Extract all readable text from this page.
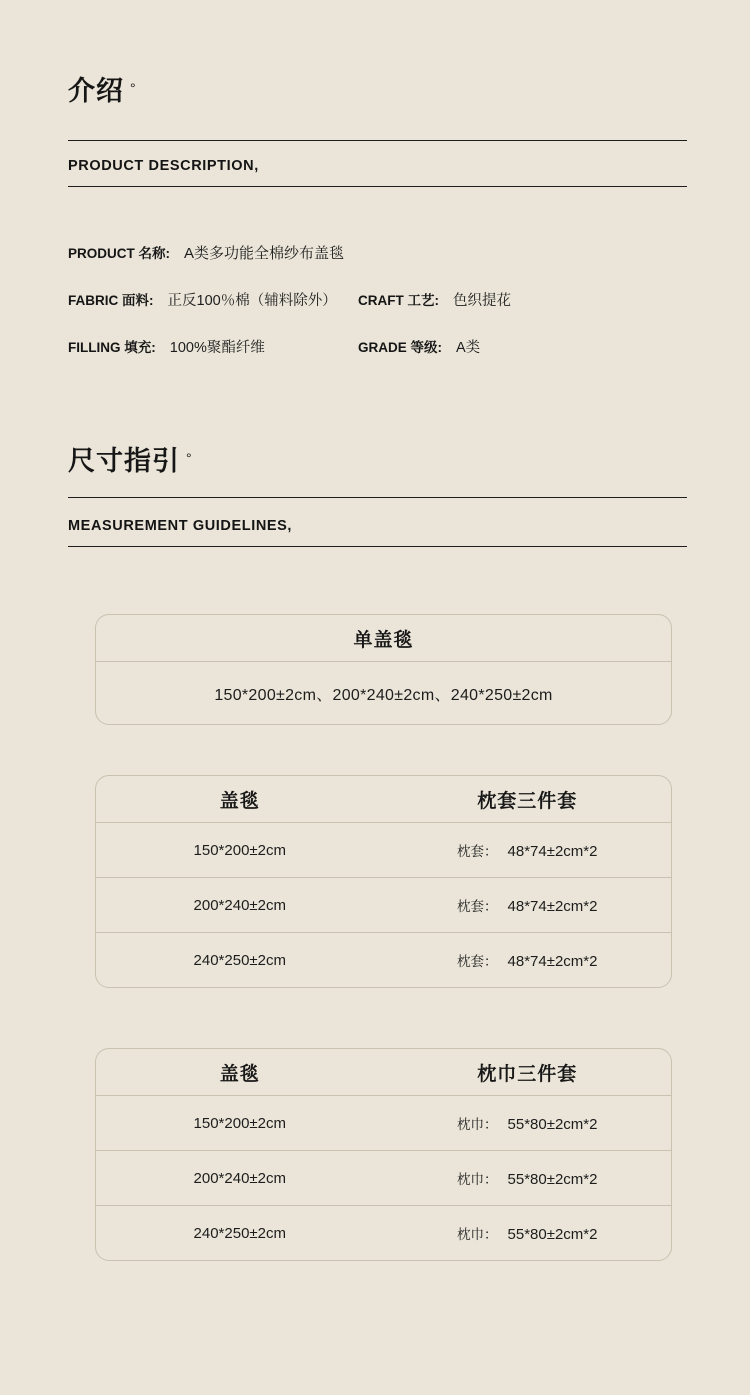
介绍 °
PRODUCT DESCRIPTION,
PRODUCT 名称: A类多功能全棉纱布盖毯
FABRIC 面料: 正反100％棉（辅料除外） CRAFT 工艺: 色织提花
FILLING 填充: 100%聚酯纤维	GRADE 等级: A类
尺寸指引 °
MEASUREMENT GUIDELINES,
单盖毯
150*200±2cm、200*240±2cm、240*250±2cm
盖毯	枕套三件套
150*200±2cm	枕套： 48*74±2cm*2
200*240±2cm	枕套： 48*74±2cm*2
240*250±2cm	枕套： 48*74±2cm*2
盖毯	枕巾三件套
150*200±2cm	枕巾： 55*80±2cm*2
200*240±2cm	枕巾： 55*80±2cm*2
240*250±2cm	枕巾： 55*80±2cm*2
